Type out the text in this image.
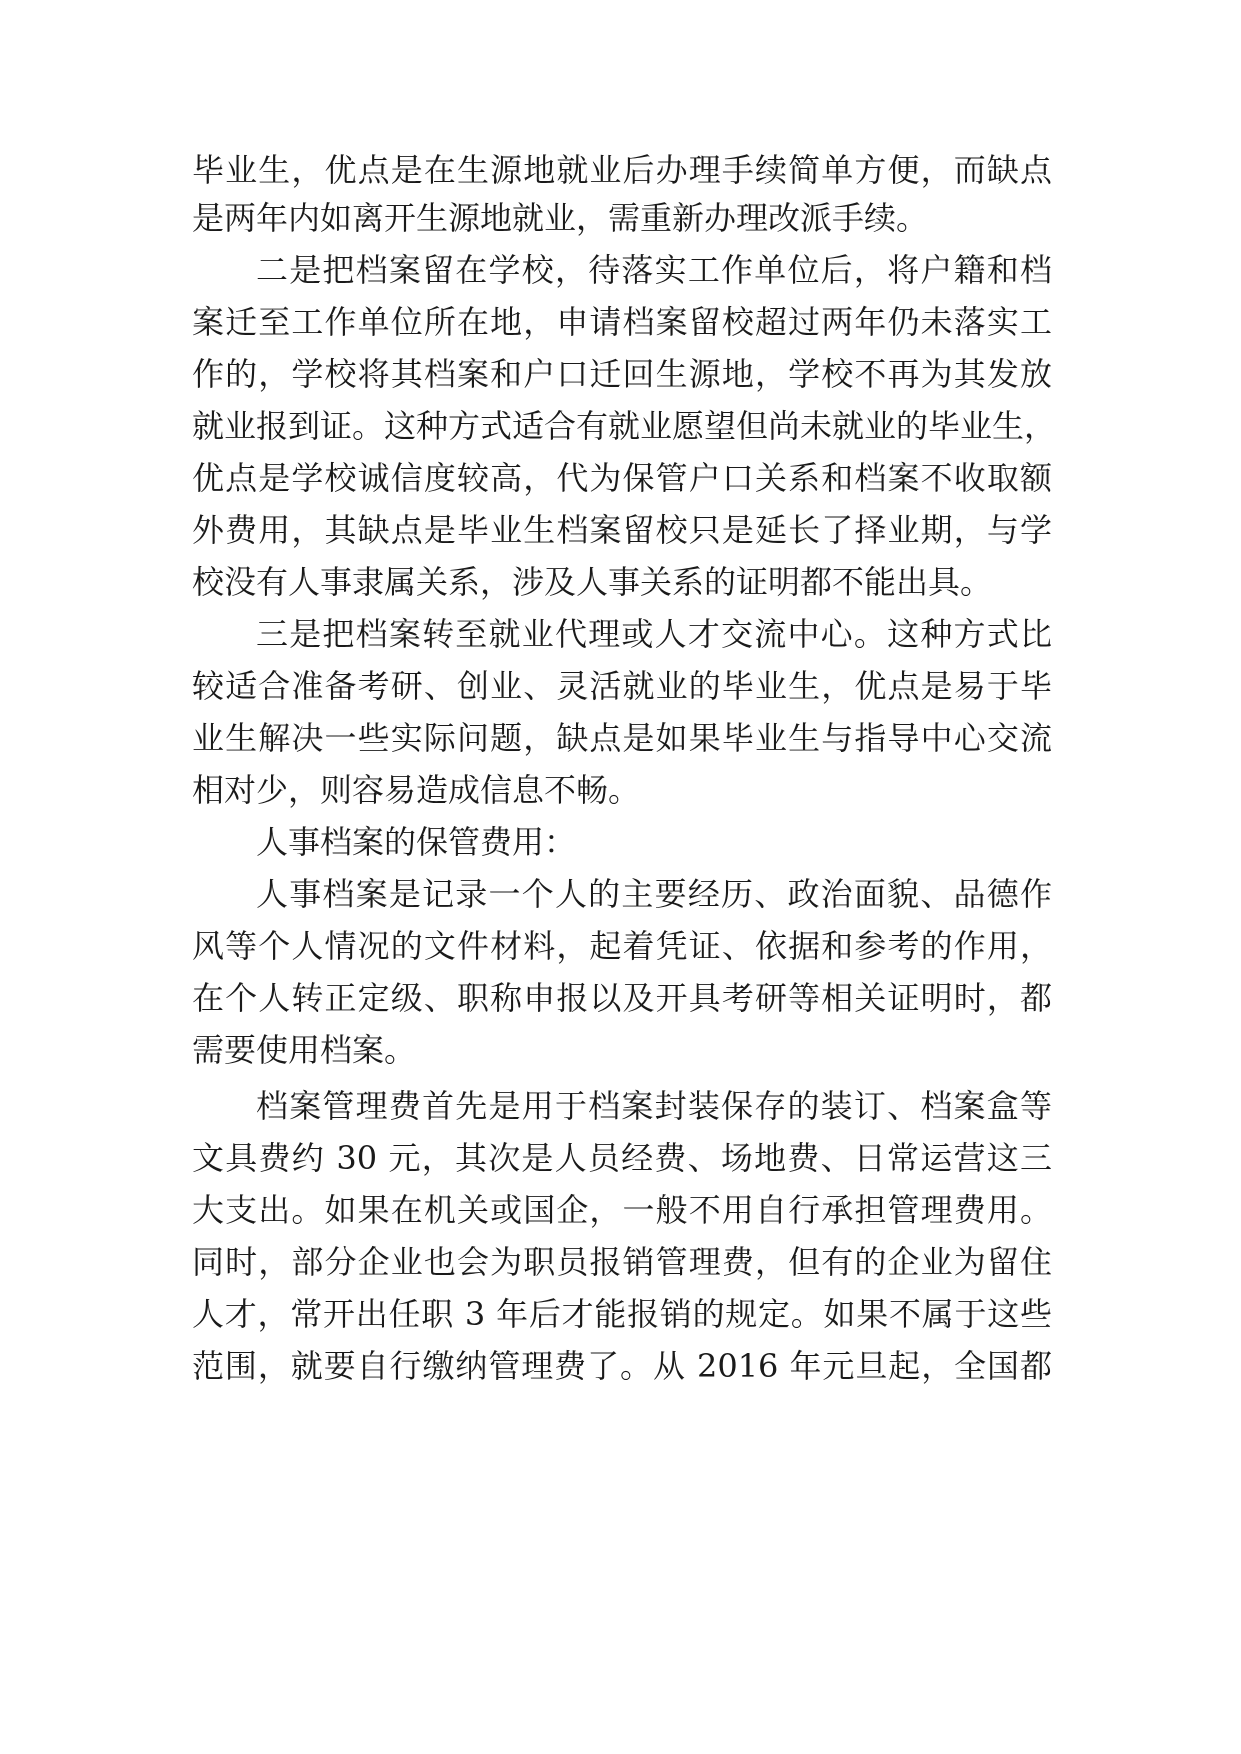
毕业生，优点是在生源地就业后办理手续简单方便，而缺点
是两年内如离开生源地就业，需重新办理改派手续。
二是把档案留在学校，待落实工作单位后，将户籍和档
案迁至工作单位所在地，申请档案留校超过两年仍未落实工
作的，学校将其档案和户口迁回生源地，学校不再为其发放
就业报到证。这种方式适合有就业愿望但尚未就业的毕业生，
优点是学校诚信度较高，代为保管户口关系和档案不收取额
外费用，其缺点是毕业生档案留校只是延长了择业期，与学
校没有人事隶属关系，涉及人事关系的证明都不能出具。
三是把档案转至就业代理或人才交流中心。这种方式比
较适合准备考研、创业、灵活就业的毕业生，优点是易于毕
业生解决一些实际问题，缺点是如果毕业生与指导中心交流
相对少，则容易造成信息不畅。
人事档案的保管费用：
人事档案是记录一个人的主要经历、政治面貌、品德作
风等个人情况的文件材料，起着凭证、依据和参考的作用，
在个人转正定级、职称申报以及开具考研等相关证明时，都
需要使用档案。
档案管理费首先是用于档案封装保存的装订、档案盒等
文具费约 30 元，其次是人员经费、场地费、日常运营这三
大支出。如果在机关或国企，一般不用自行承担管理费用。
同时，部分企业也会为职员报销管理费，但有的企业为留住
人才，常开出任职 3 年后才能报销的规定。如果不属于这些
范围，就要自行缴纳管理费了。从 2016 年元旦起，全国都
